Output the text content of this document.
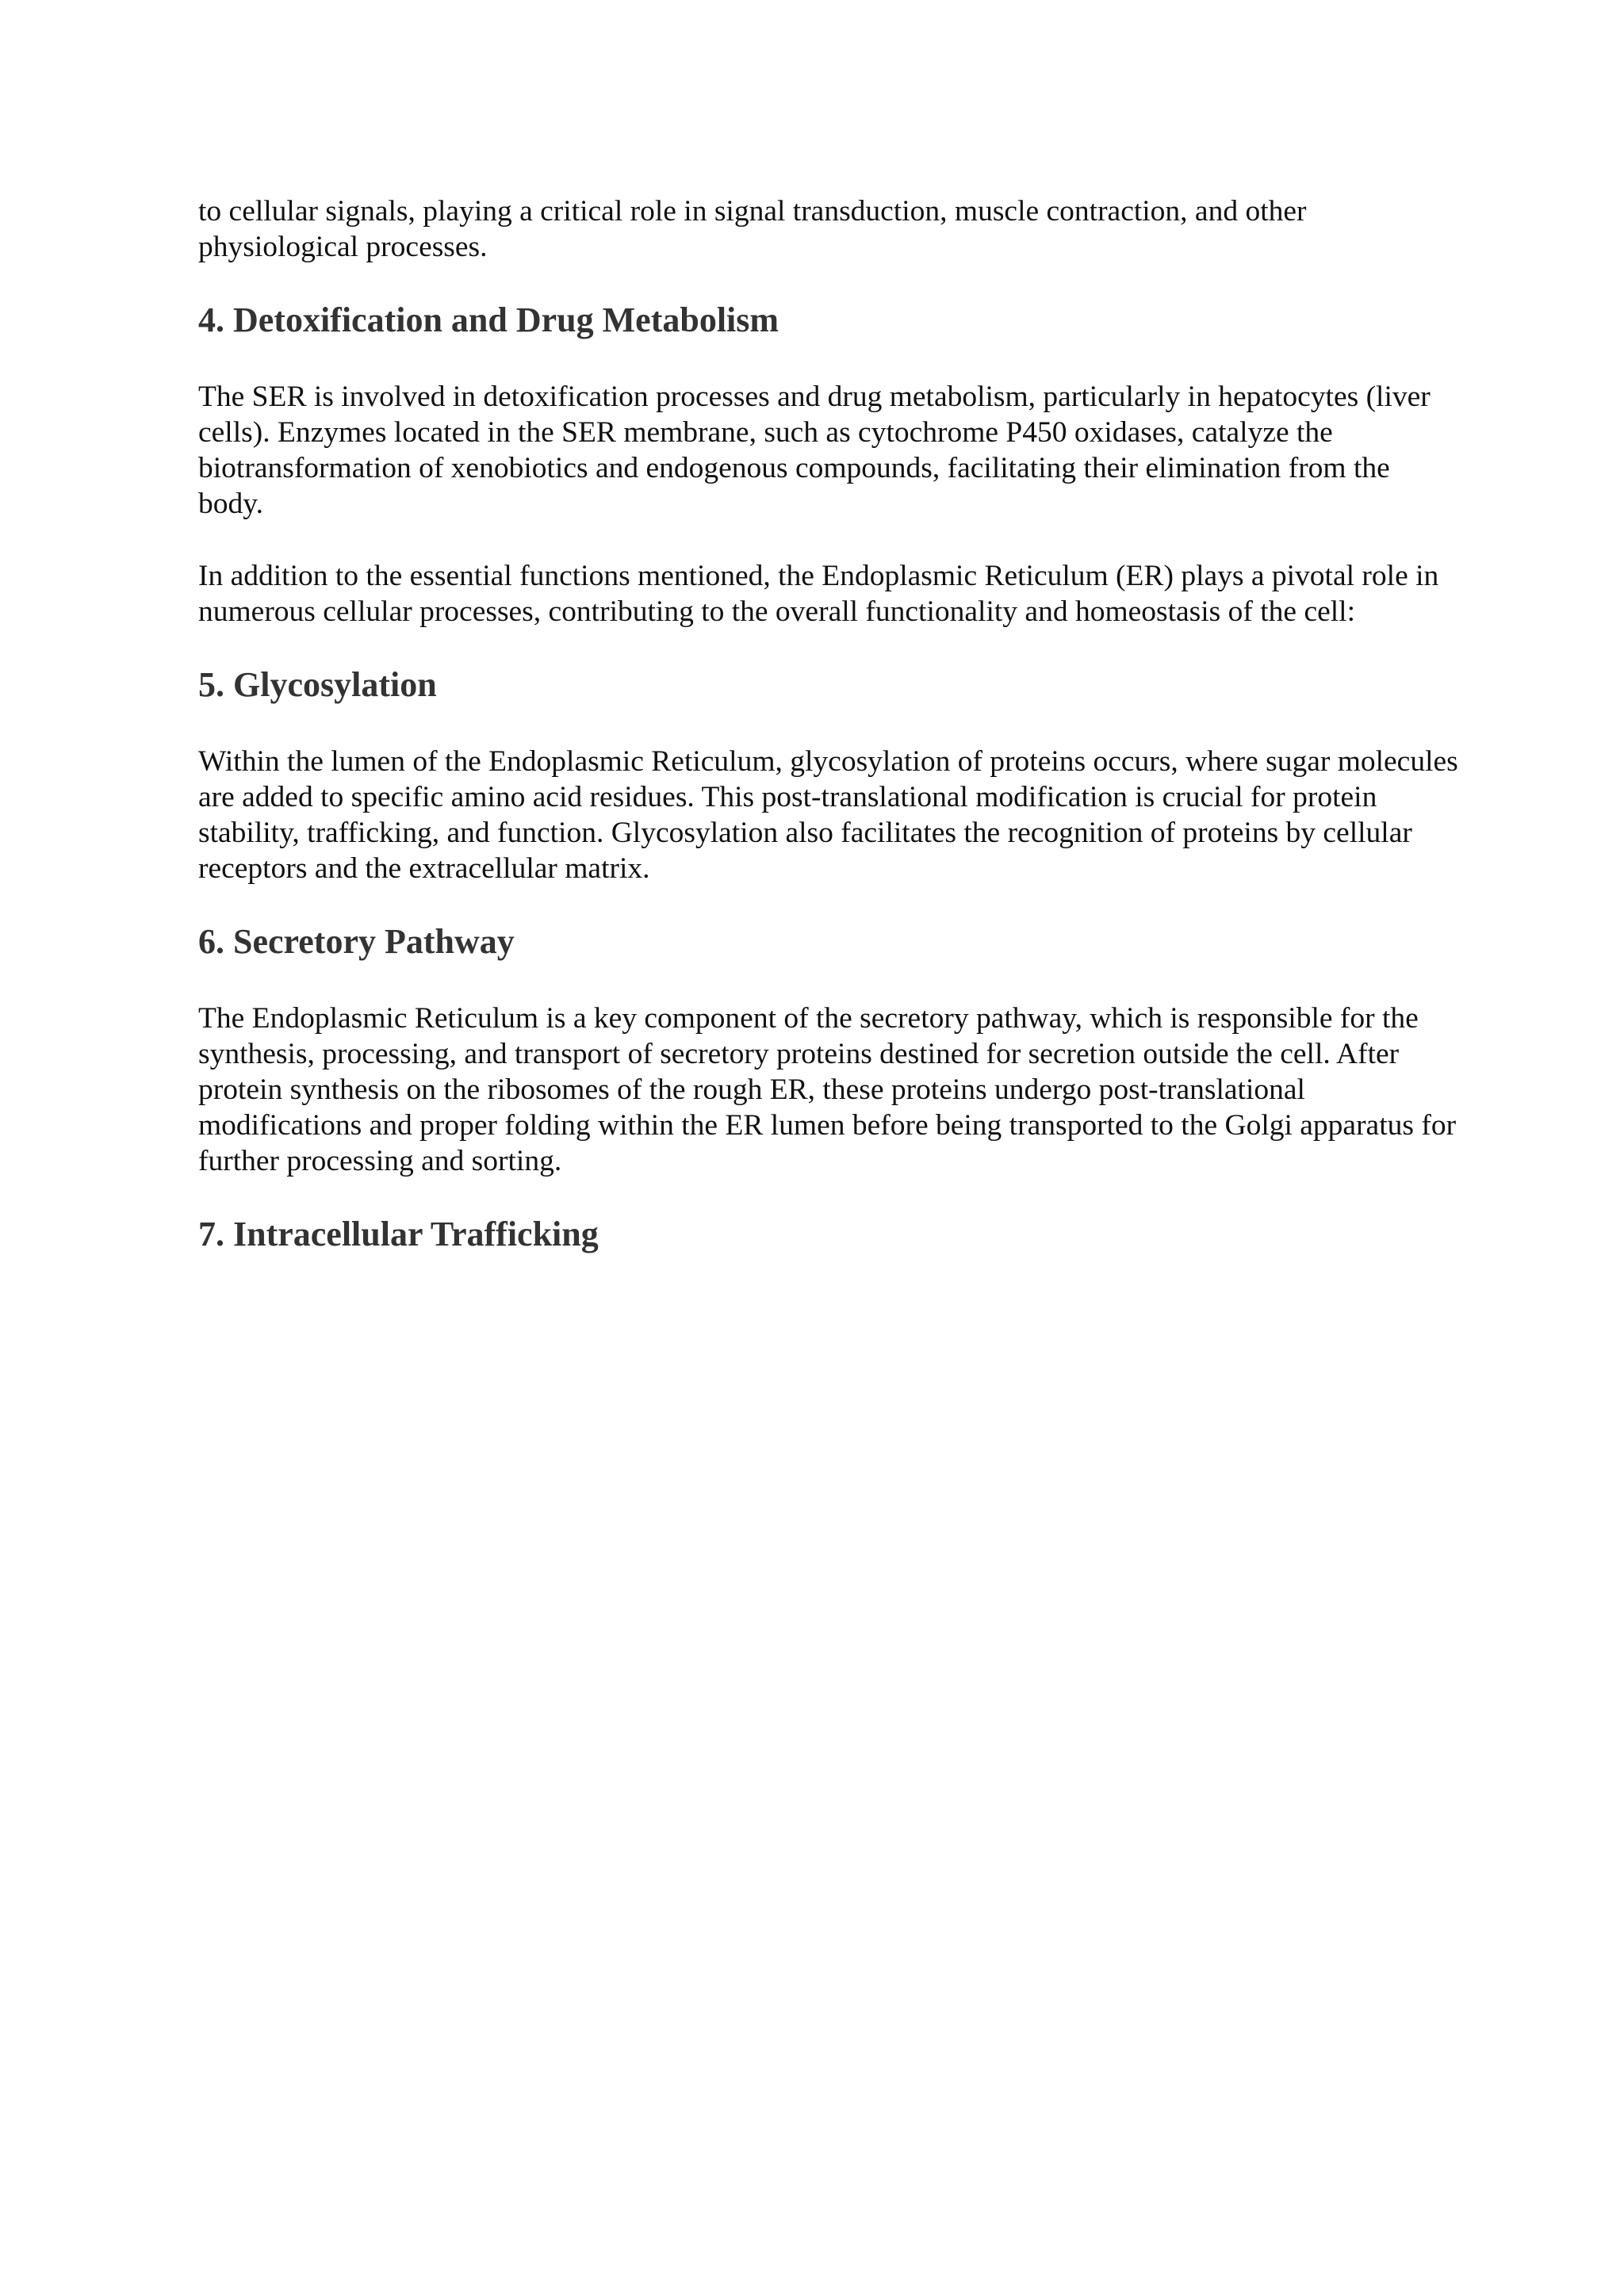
to cellular signals, playing a critical role in signal transduction, muscle contraction, and other physiological processes.

4. Detoxification and Drug Metabolism

The SER is involved in detoxification processes and drug metabolism, particularly in hepatocytes (liver cells). Enzymes located in the SER membrane, such as cytochrome P450 oxidases, catalyze the biotransformation of xenobiotics and endogenous compounds, facilitating their elimination from the body.

In addition to the essential functions mentioned, the Endoplasmic Reticulum (ER) plays a pivotal role in numerous cellular processes, contributing to the overall functionality and homeostasis of the cell:

5. Glycosylation

Within the lumen of the Endoplasmic Reticulum, glycosylation of proteins occurs, where sugar molecules are added to specific amino acid residues. This post-translational modification is crucial for protein stability, trafficking, and function. Glycosylation also facilitates the recognition of proteins by cellular receptors and the extracellular matrix.

6. Secretory Pathway

The Endoplasmic Reticulum is a key component of the secretory pathway, which is responsible for the synthesis, processing, and transport of secretory proteins destined for secretion outside the cell. After protein synthesis on the ribosomes of the rough ER, these proteins undergo post-translational modifications and proper folding within the ER lumen before being transported to the Golgi apparatus for further processing and sorting.

7. Intracellular Trafficking
